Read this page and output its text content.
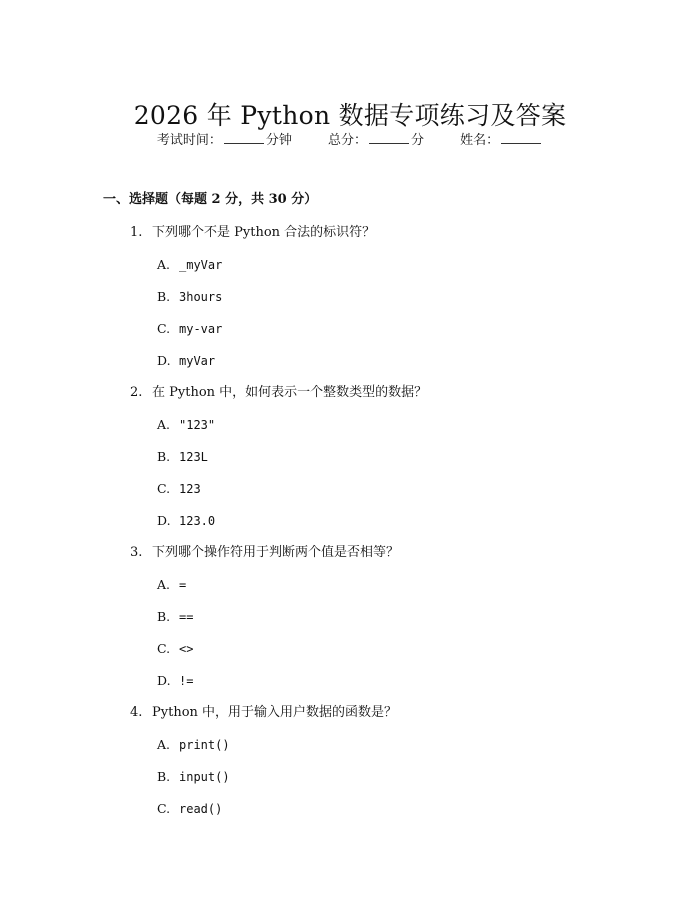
2026 年 Python 数据专项练习及答案
考试时间：	分钟	总分：	分	姓名：
一、选择题（每题 2 分，共 30 分）
1. 下列哪个不是 Python 合法的标识符？
A. _myVar
B. 3hours
C. my-var
D. myVar
2. 在 Python 中，如何表示一个整数类型的数据？
A. "123"
B. 123L
C. 123
D. 123.0
3. 下列哪个操作符用于判断两个值是否相等？
A. =
B. ==
C. <>
D. !=
4. Python 中，用于输入用户数据的函数是？
A. print()
B. input()
C. read()
